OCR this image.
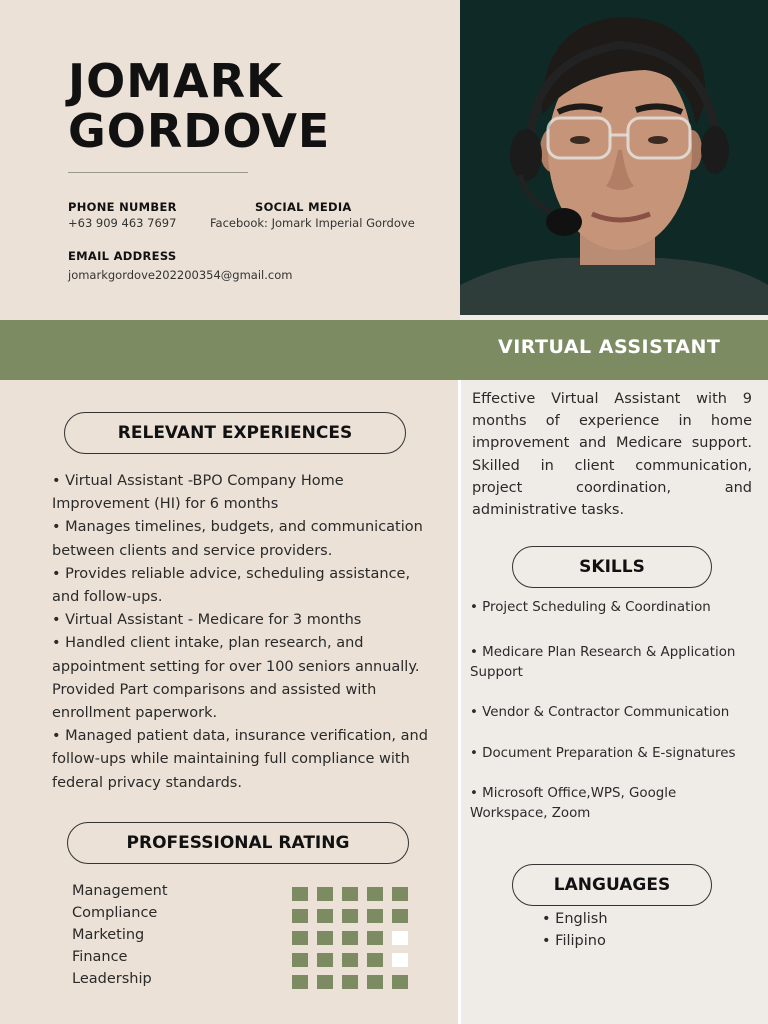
JOMARK
GORDOVE
PHONE NUMBER
+63 909 463 7697
SOCIAL MEDIA
Facebook: Jomark Imperial Gordove
EMAIL ADDRESS
jomarkgordove202200354@gmail.com
VIRTUAL ASSISTANT
RELEVANT EXPERIENCES
• Virtual Assistant -BPO Company Home
Improvement (HI) for 6 months
• Manages timelines, budgets, and communication
between clients and service providers.
• Provides reliable advice, scheduling assistance,
and follow-ups.
• Virtual Assistant - Medicare for 3 months
• Handled client intake, plan research, and
appointment setting for over 100 seniors annually.
Provided Part comparisons and assisted with
enrollment paperwork.
• Managed patient data, insurance verification, and
follow-ups while maintaining full compliance with
federal privacy standards.
Effective Virtual Assistant with 9 months of experience in home improvement and Medicare support. Skilled in client communication, project coordination, and administrative tasks.
SKILLS
• Project Scheduling & Coordination
• Medicare Plan Research & Application Support
• Vendor & Contractor Communication
• Document Preparation & E-signatures
• Microsoft Office,WPS, Google Workspace, Zoom
LANGUAGES
• English
• Filipino
PROFESSIONAL RATING
Management
Compliance
Marketing
Finance
Leadership
